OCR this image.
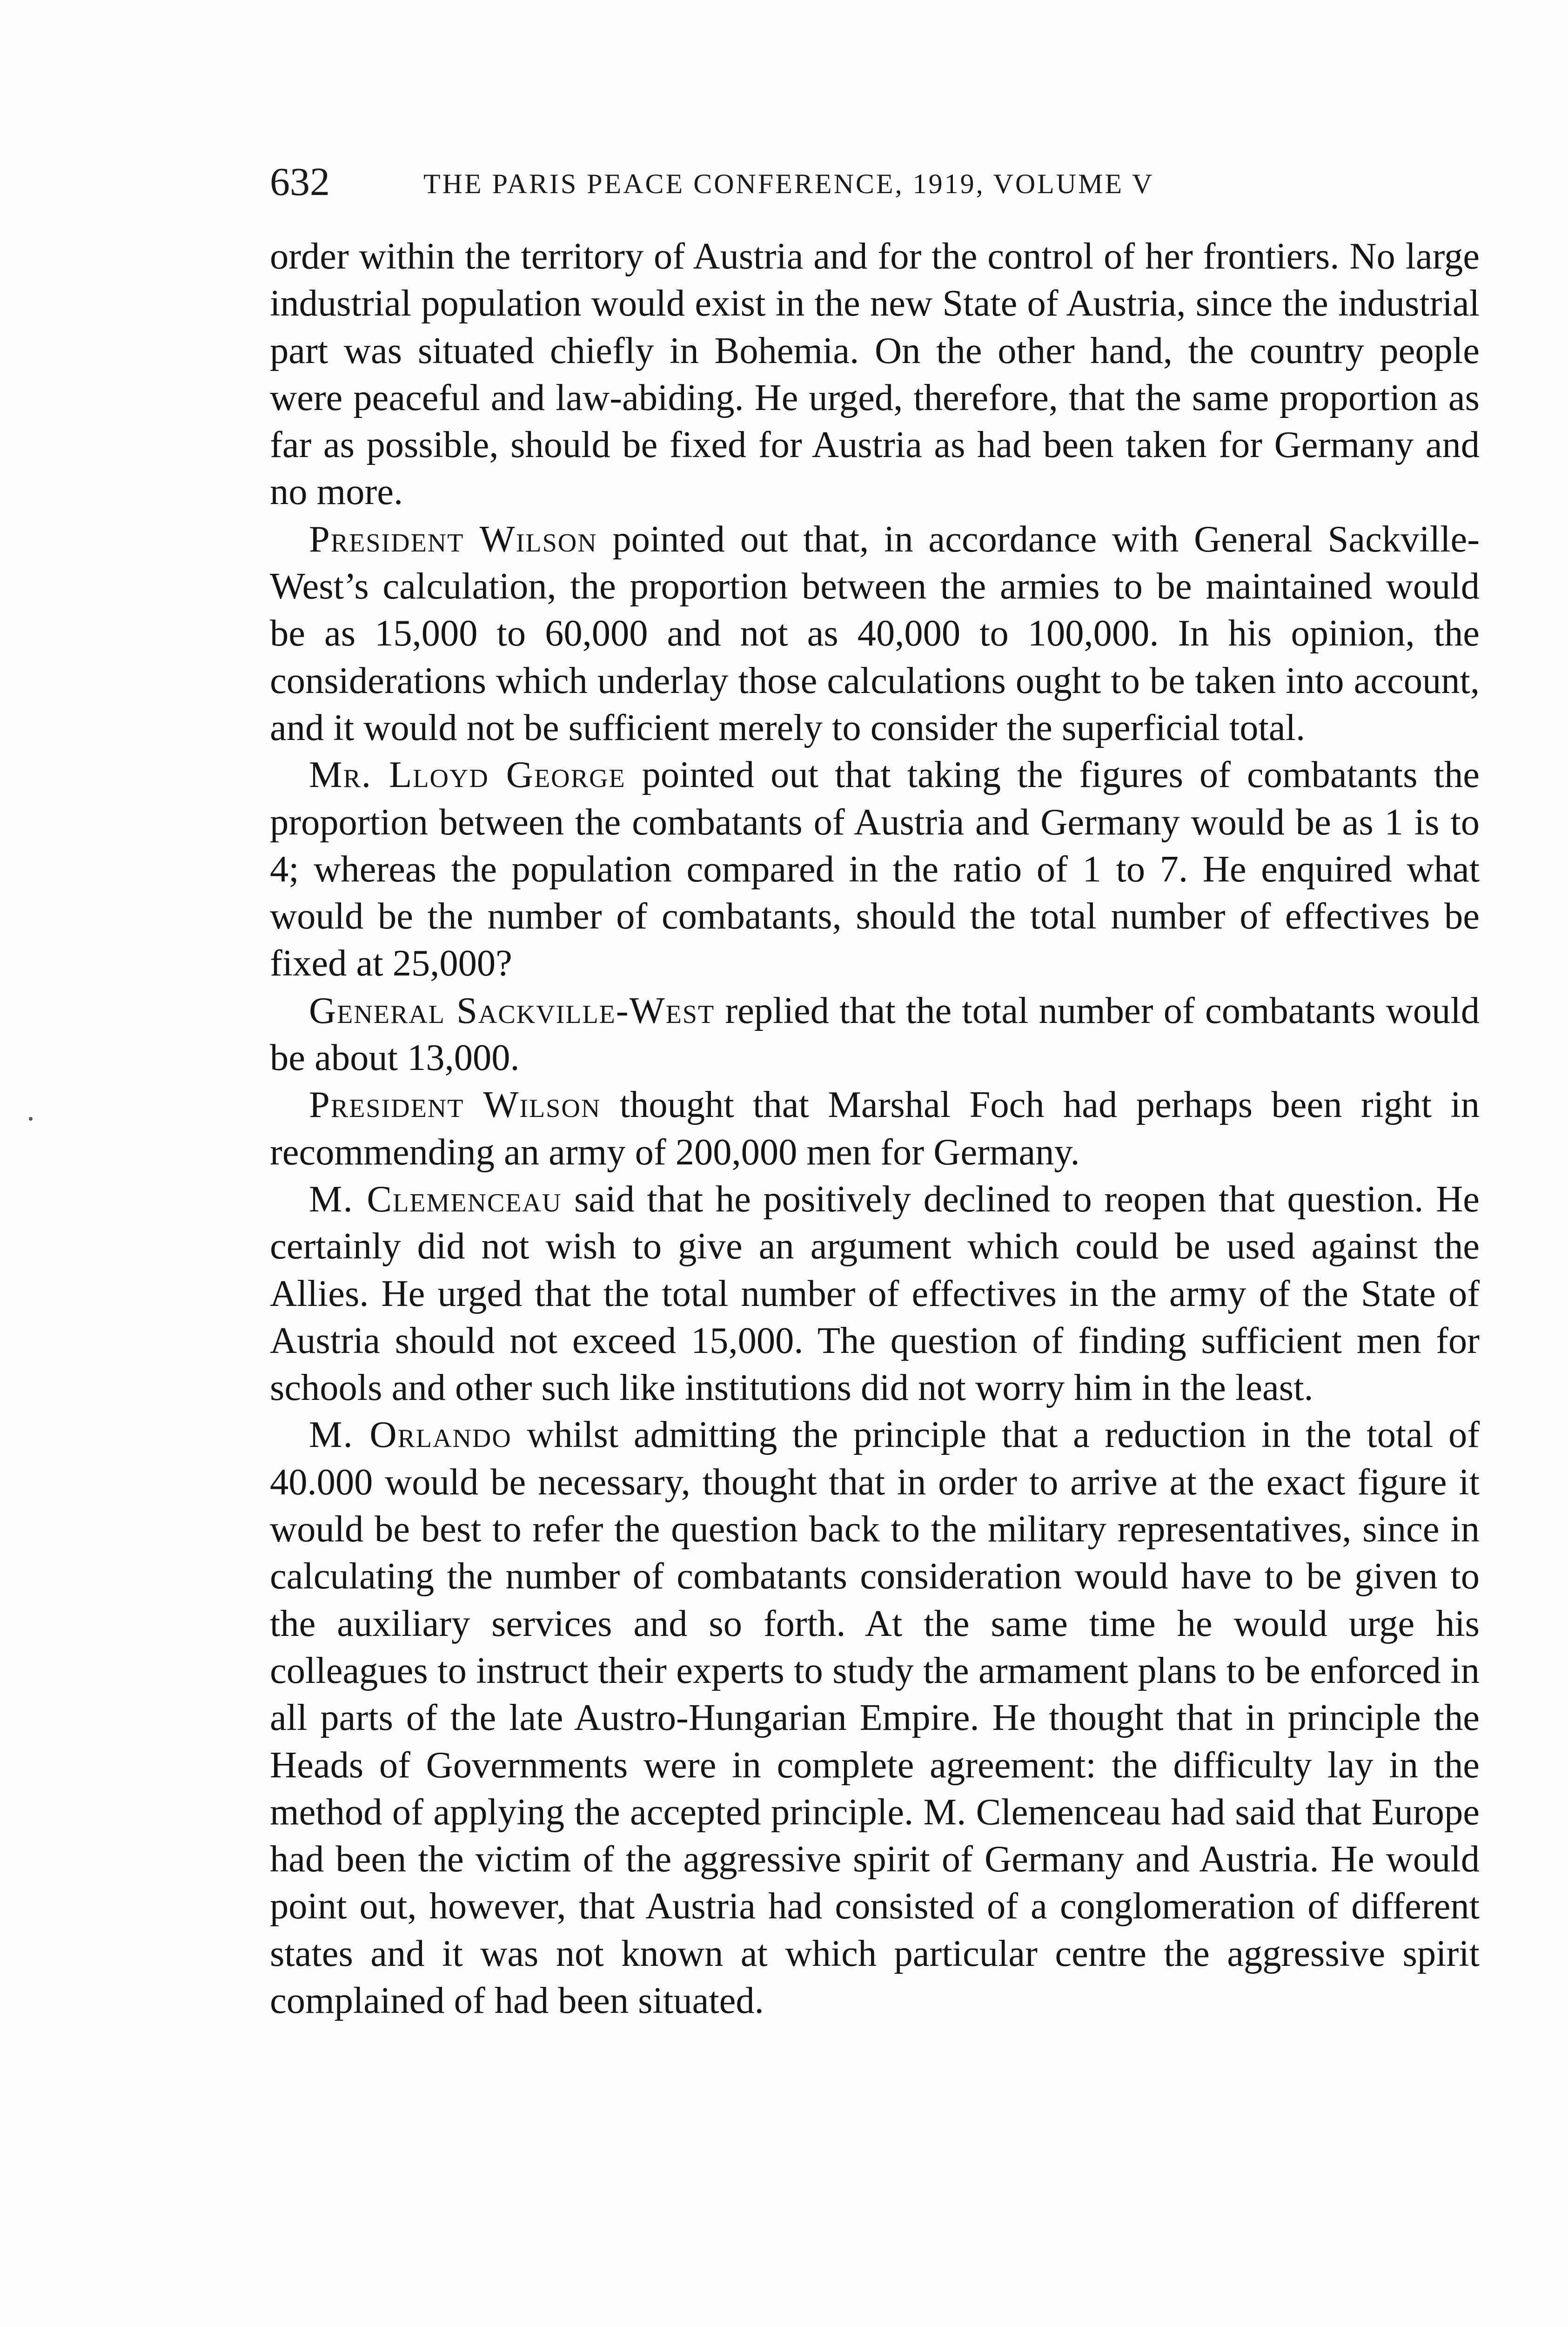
632	THE PARIS PEACE CONFERENCE, 1919, VOLUME V

order within the territory of Austria and for the control of her frontiers. No large industrial population would exist in the new State of Austria, since the industrial part was situated chiefly in Bohemia. On the other hand, the country people were peaceful and law-abiding. He urged, therefore, that the same proportion as far as possible, should be fixed for Austria as had been taken for Germany and no more.

President Wilson pointed out that, in accordance with General Sackville-West’s calculation, the proportion between the armies to be maintained would be as 15,000 to 60,000 and not as 40,000 to 100,000. In his opinion, the considerations which underlay those calculations ought to be taken into account, and it would not be sufficient merely to consider the superficial total.

Mr. Lloyd George pointed out that taking the figures of combatants the proportion between the combatants of Austria and Germany would be as 1 is to 4; whereas the population compared in the ratio of 1 to 7. He enquired what would be the number of combatants, should the total number of effectives be fixed at 25,000?

General Sackville-West replied that the total number of combatants would be about 13,000.

President Wilson thought that Marshal Foch had perhaps been right in recommending an army of 200,000 men for Germany.

M. Clemenceau said that he positively declined to reopen that question. He certainly did not wish to give an argument which could be used against the Allies. He urged that the total number of effectives in the army of the State of Austria should not exceed 15,000. The question of finding sufficient men for schools and other such like institutions did not worry him in the least.

M. Orlando whilst admitting the principle that a reduction in the total of 40.000 would be necessary, thought that in order to arrive at the exact figure it would be best to refer the question back to the military representatives, since in calculating the number of combatants consideration would have to be given to the auxiliary services and so forth. At the same time he would urge his colleagues to instruct their experts to study the armament plans to be enforced in all parts of the late Austro-Hungarian Empire. He thought that in principle the Heads of Governments were in complete agreement: the difficulty lay in the method of applying the accepted principle. M. Clemenceau had said that Europe had been the victim of the aggressive spirit of Germany and Austria. He would point out, however, that Austria had consisted of a conglomeration of different states and it was not known at which particular centre the aggressive spirit complained of had been situated.
